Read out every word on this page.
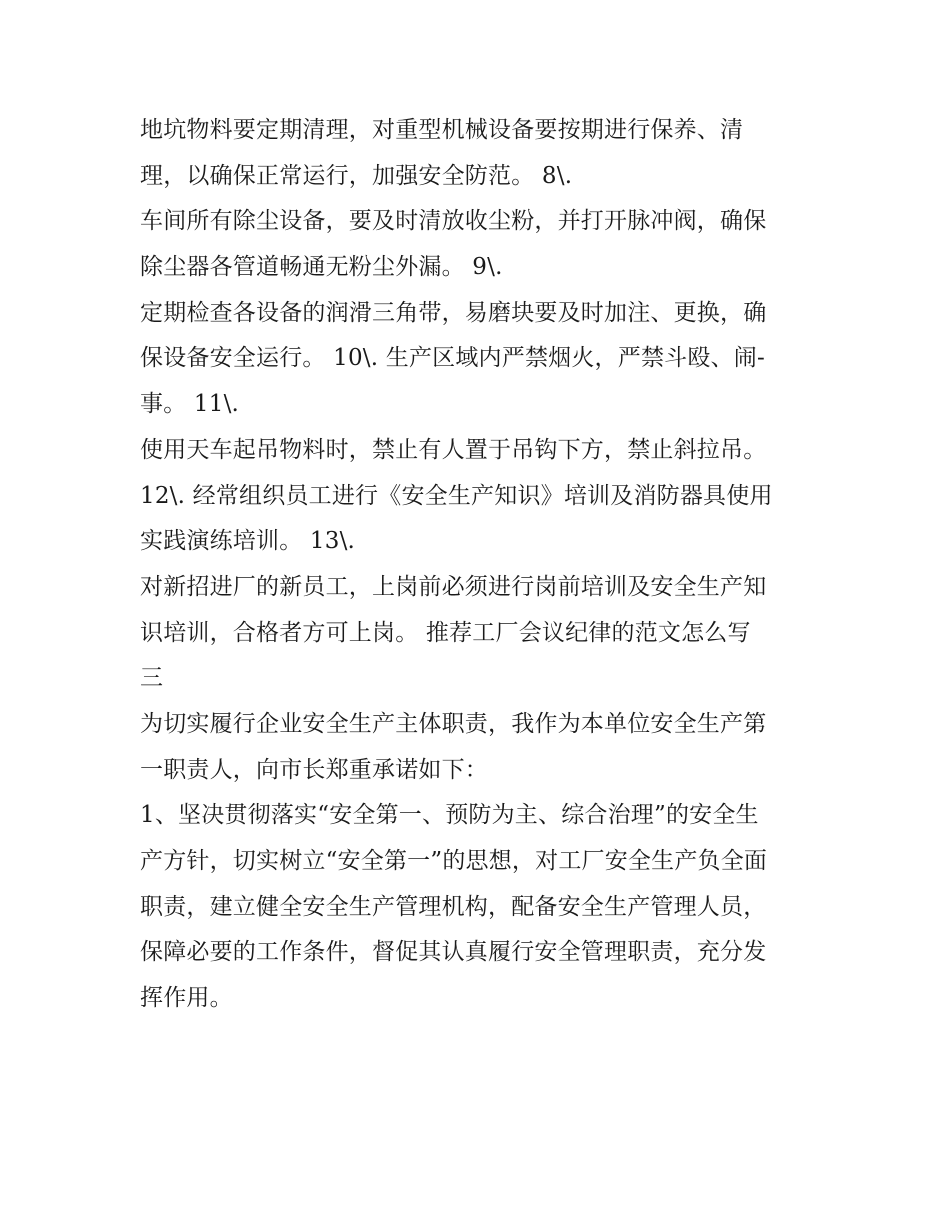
地坑物料要定期清理，对重型机械设备要按期进行保养、清
理，以确保正常运行，加强安全防范。 8\.
车间所有除尘设备，要及时清放收尘粉，并打开脉冲阀，确保
除尘器各管道畅通无粉尘外漏。 9\.
定期检查各设备的润滑三角带，易磨块要及时加注、更换，确
保设备安全运行。 10\. 生产区域内严禁烟火，严禁斗殴、闹-
事。 11\.
使用天车起吊物料时，禁止有人置于吊钩下方，禁止斜拉吊。
12\. 经常组织员工进行《安全生产知识》培训及消防器具使用
实践演练培训。 13\.
对新招进厂的新员工，上岗前必须进行岗前培训及安全生产知
识培训，合格者方可上岗。 推荐工厂会议纪律的范文怎么写
三
为切实履行企业安全生产主体职责，我作为本单位安全生产第
一职责人，向市长郑重承诺如下：
1、坚决贯彻落实“安全第一、预防为主、综合治理”的安全生
产方针，切实树立“安全第一”的思想，对工厂安全生产负全面
职责，建立健全安全生产管理机构，配备安全生产管理人员，
保障必要的工作条件，督促其认真履行安全管理职责，充分发
挥作用。
